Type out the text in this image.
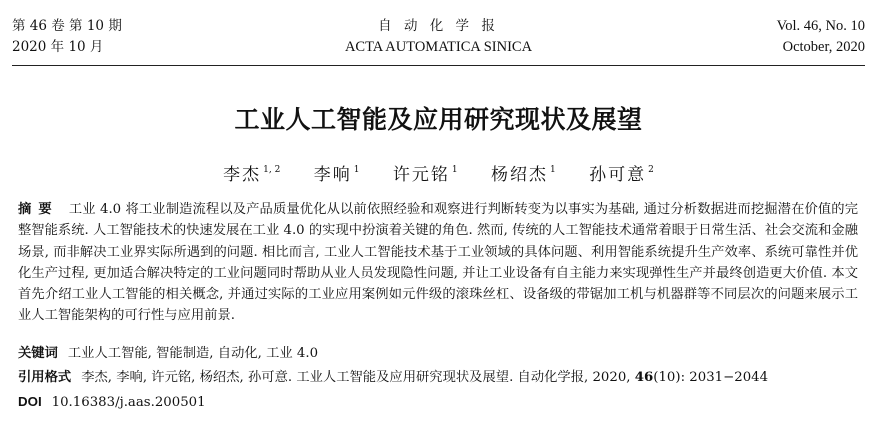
第 46 卷 第 10 期
2020 年 10 月
自 动 化 学 报
ACTA AUTOMATICA SINICA
Vol. 46, No. 10
October, 2020
工业人工智能及应用研究现状及展望
李杰 $^{1, 2}$ 李响 $^1$ 许元铭 $^1$ 杨绍杰 $^1$ 孙可意 $^2$
摘要 工业 4.0 将工业制造流程以及产品质量优化从以前依照经验和观察进行判断转变为以事实为基础, 通过分析数据进而挖掘潜在价值的完整智能系统. 人工智能技术的快速发展在工业 4.0 的实现中扮演着关键的角色. 然而, 传统的人工智能技术通常着眼于日常生活、社会交流和金融场景, 而非解决工业界实际所遇到的问题. 相比而言, 工业人工智能技术基于工业领域的具体问题、利用智能系统提升生产效率、系统可靠性并优化生产过程, 更加适合解决特定的工业问题同时帮助从业人员发现隐性问题, 并让工业设备有自主能力来实现弹性生产并最终创造更大价值. 本文首先介绍工业人工智能的相关概念, 并通过实际的工业应用案例如元件级的滚珠丝杠、设备级的带锯加工机与机器群等不同层次的问题来展示工业人工智能架构的可行性与应用前景.
关键词 工业人工智能, 智能制造, 自动化, 工业 4.0
引用格式 李杰, 李响, 许元铭, 杨绍杰, 孙可意. 工业人工智能及应用研究现状及展望. 自动化学报, 2020, 46(10): 2031−2044
DOI 10.16383/j.aas.200501
